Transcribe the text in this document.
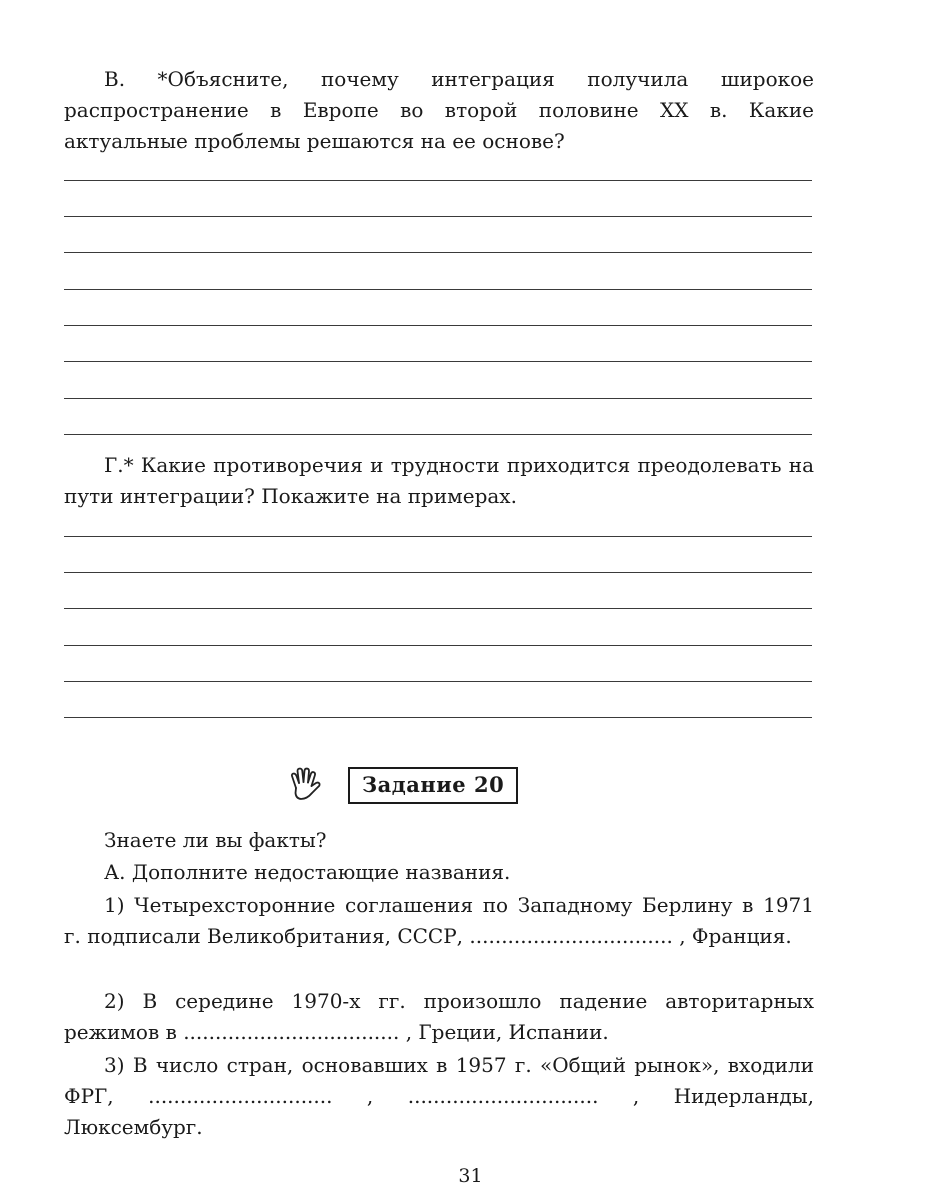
В. *Объясните, почему интеграция получила широкое распространение в Европе во второй половине XX в. Какие актуальные проблемы решаются на ее основе?

Г.* Какие противоречия и трудности приходится преодолевать на пути интеграции? Покажите на примерах.

Задание 20

Знаете ли вы факты?

А. Дополните недостающие названия.

1) Четырехсторонние соглашения по Западному Берлину в 1971 г. подписали Великобритания, СССР, ................................ , Франция.

2) В середине 1970-х гг. произошло падение авторитарных режимов в .................................. , Греции, Испании.

3) В число стран, основавших в 1957 г. «Общий рынок», входили ФРГ, ............................. , .............................. , Нидерланды, Люксембург.

31
